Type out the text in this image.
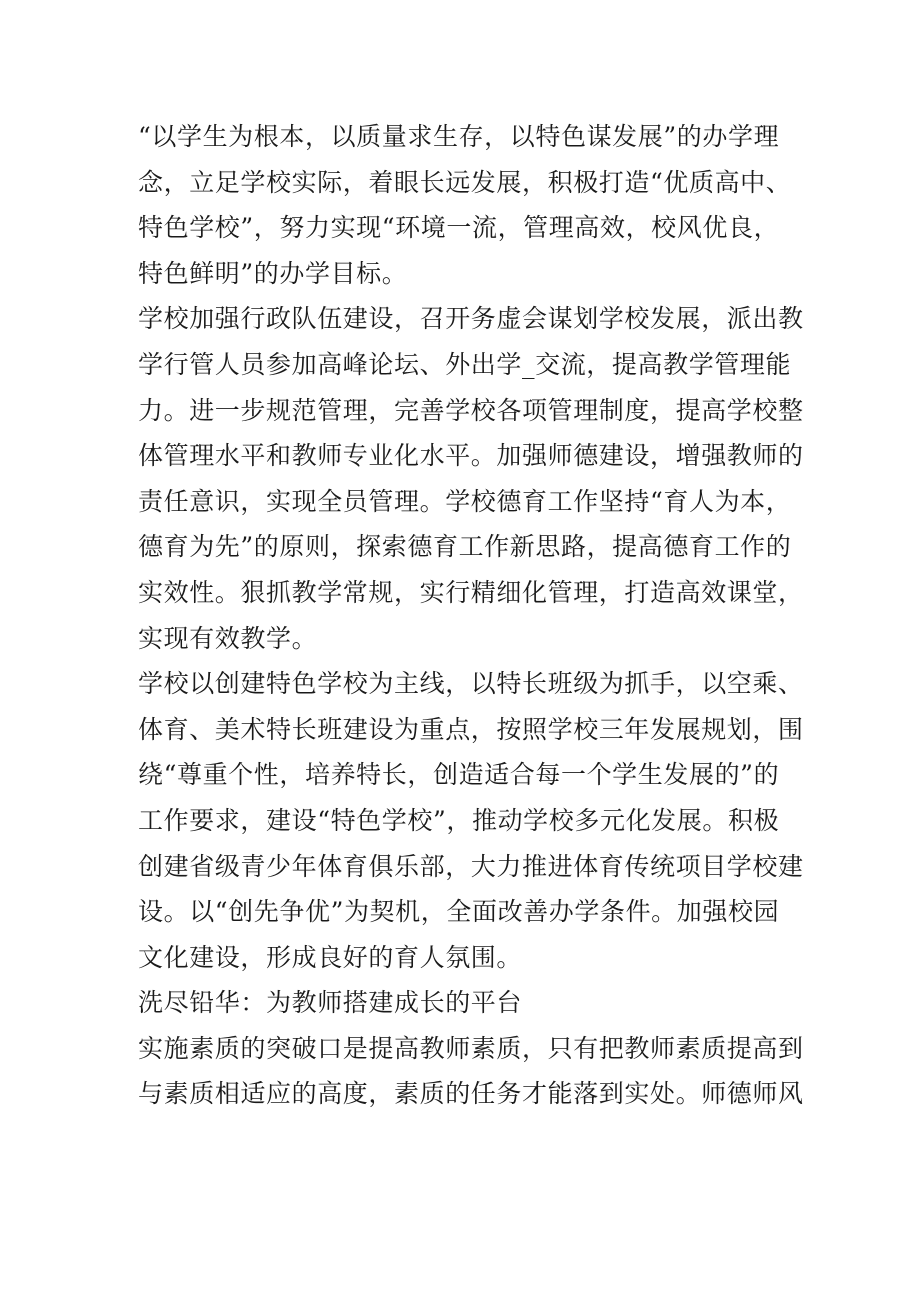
“以学生为根本，以质量求生存，以特色谋发展”的办学理

念，立足学校实际，着眼长远发展，积极打造“优质高中、

特色学校”，努力实现“环境一流，管理高效，校风优良，

特色鲜明”的办学目标。

学校加强行政队伍建设，召开务虚会谋划学校发展，派出教

学行管人员参加高峰论坛、外出学_交流，提高教学管理能

力。进一步规范管理，完善学校各项管理制度，提高学校整

体管理水平和教师专业化水平。加强师德建设，增强教师的

责任意识，实现全员管理。学校德育工作坚持“育人为本，

德育为先”的原则，探索德育工作新思路，提高德育工作的

实效性。狠抓教学常规，实行精细化管理，打造高效课堂，

实现有效教学。

学校以创建特色学校为主线，以特长班级为抓手，以空乘、

体育、美术特长班建设为重点，按照学校三年发展规划，围

绕“尊重个性，培养特长，创造适合每一个学生发展的”的

工作要求，建设“特色学校”，推动学校多元化发展。积极

创建省级青少年体育俱乐部，大力推进体育传统项目学校建

设。以“创先争优”为契机，全面改善办学条件。加强校园

文化建设，形成良好的育人氛围。

洗尽铅华：为教师搭建成长的平台

实施素质的突破口是提高教师素质，只有把教师素质提高到

与素质相适应的高度，素质的任务才能落到实处。师德师风
